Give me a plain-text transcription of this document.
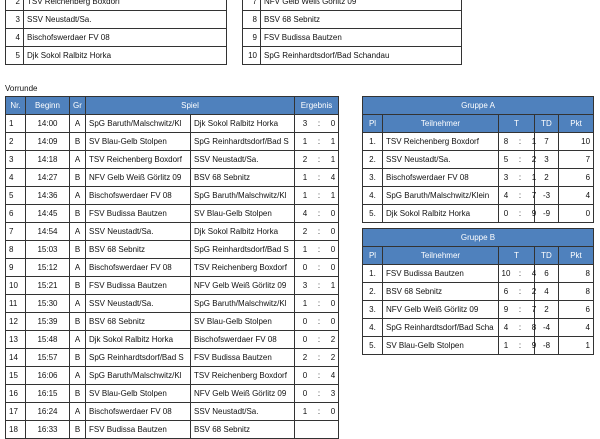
2	TSV Reichenberg Boxdorf
3	SSV Neustadt/Sa.
4	Bischofswerdaer FV 08
5	Djk Sokol Ralbitz Horka
7	NFV Gelb Weiß Görlitz 09
8	BSV 68 Sebnitz
9	FSV Budissa Bautzen
10	SpG Reinhardtsdorf/Bad Schandau
Vorrunde
Nr.	Beginn	Gr	Spiel		Ergebnis
1	14:00	A	SpG Baruth/Malschwitz/Kl	Djk Sokol Ralbitz Horka	3 : 0
2	14:09	B	SV Blau-Gelb Stolpen	SpG Reinhardtsdorf/Bad S	1 : 1
3	14:18	A	TSV Reichenberg Boxdorf	SSV Neustadt/Sa.	2 : 1
4	14:27	B	NFV Gelb Weiß Görlitz 09	BSV 68 Sebnitz	1 : 4
5	14:36	A	Bischofswerdaer FV 08	SpG Baruth/Malschwitz/Kl	1 : 1
6	14:45	B	FSV Budissa Bautzen	SV Blau-Gelb Stolpen	4 : 0
7	14:54	A	SSV Neustadt/Sa.	Djk Sokol Ralbitz Horka	2 : 0
8	15:03	B	BSV 68 Sebnitz	SpG Reinhardtsdorf/Bad S	1 : 0
9	15:12	A	Bischofswerdaer FV 08	TSV Reichenberg Boxdorf	0 : 0
10	15:21	B	FSV Budissa Bautzen	NFV Gelb Weiß Görlitz 09	3 : 1
11	15:30	A	SSV Neustadt/Sa.	SpG Baruth/Malschwitz/Kl	1 : 0
12	15:39	B	BSV 68 Sebnitz	SV Blau-Gelb Stolpen	0 : 0
13	15:48	A	Djk Sokol Ralbitz Horka	Bischofswerdaer FV 08	0 : 2
14	15:57	B	SpG Reinhardtsdorf/Bad S	FSV Budissa Bautzen	2 : 2
15	16:06	A	SpG Baruth/Malschwitz/Kl	TSV Reichenberg Boxdorf	0 : 4
16	16:15	B	SV Blau-Gelb Stolpen	NFV Gelb Weiß Görlitz 09	0 : 3
17	16:24	A	Bischofswerdaer FV 08	SSV Neustadt/Sa.	1 : 0
18	16:33	B	FSV Budissa Bautzen	BSV 68 Sebnitz	
Gruppe A				
Pl	Teilnehmer	T	TD	Pkt
1.	TSV Reichenberg Boxdorf	8 : 1	7	10
2.	SSV Neustadt/Sa.	5 : 2	3	7
3.	Bischofswerdaer FV 08	3 : 1	2	6
4.	SpG Baruth/Malschwitz/Klein	4 : 7	-3	4
5.	Djk Sokol Ralbitz Horka	0 : 9	-9	0
Gruppe B				
Pl	Teilnehmer	T	TD	Pkt
1.	FSV Budissa Bautzen	10 : 4	6	8
2.	BSV 68 Sebnitz	6 : 2	4	8
3.	NFV Gelb Weiß Görlitz 09	9 : 7	2	6
4.	SpG Reinhardtsdorf/Bad Scha	4 : 8	-4	4
5.	SV Blau-Gelb Stolpen	1 : 9	-8	1
